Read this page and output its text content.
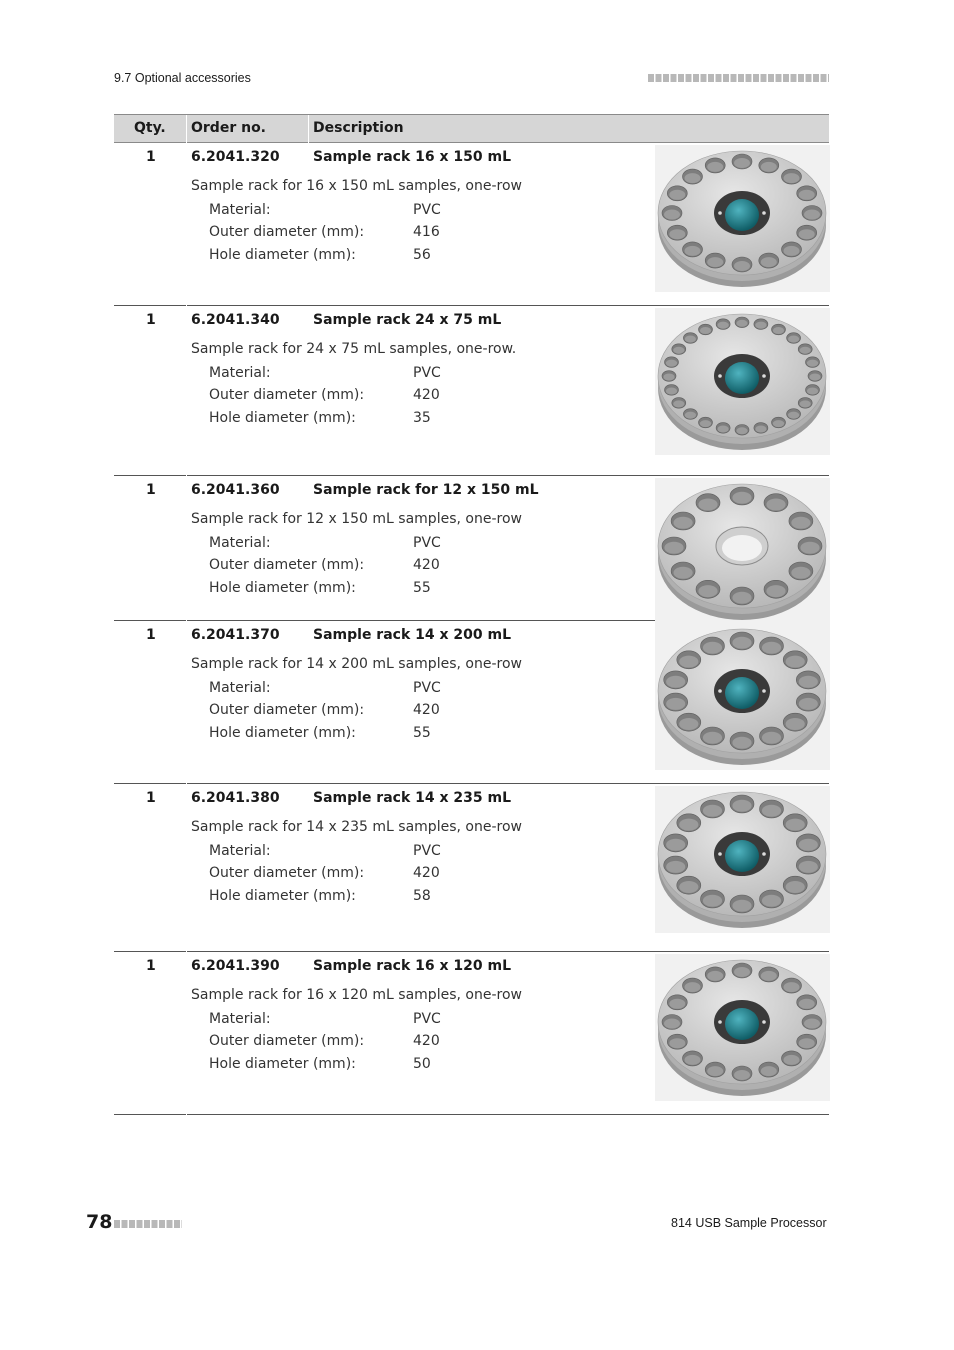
9.7 Optional accessories
Qty. Order no.	Description
1	6.2041.320 Sample rack 16 x 150 mL
Sample rack for 16 x 150 mL samples, one-row
Material:	PVC
Outer diameter (mm):	416
Hole diameter (mm):	56
1	6.2041.340 Sample rack 24 x 75 mL
Sample rack for 24 x 75 mL samples, one-row.
Material:	PVC
Outer diameter (mm):	420
Hole diameter (mm):	35
1	6.2041.360 Sample rack for 12 x 150 mL
Sample rack for 12 x 150 mL samples, one-row
Material:	PVC
Outer diameter (mm):	420
Hole diameter (mm):	55
1	6.2041.370 Sample rack 14 x 200 mL
Sample rack for 14 x 200 mL samples, one-row
Material:	PVC
Outer diameter (mm):	420
Hole diameter (mm):	55
1	6.2041.380 Sample rack 14 x 235 mL
Sample rack for 14 x 235 mL samples, one-row
Material:	PVC
Outer diameter (mm):	420
Hole diameter (mm):	58
1	6.2041.390 Sample rack 16 x 120 mL
Sample rack for 16 x 120 mL samples, one-row
Material:	PVC
Outer diameter (mm):	420
Hole diameter (mm):	50
78	814 USB Sample Processor
